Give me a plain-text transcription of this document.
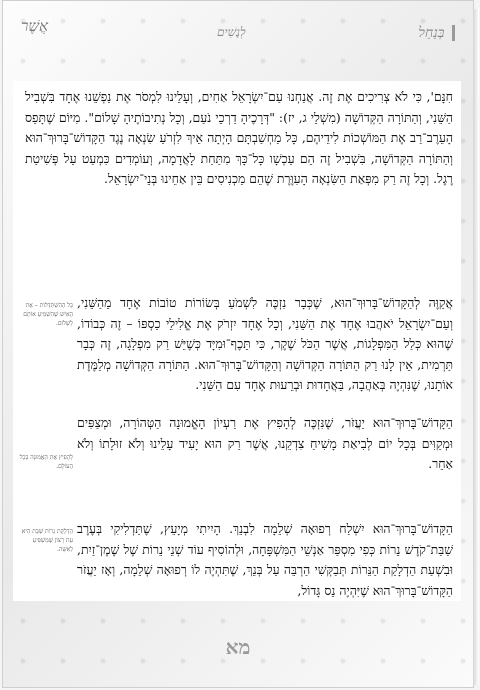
אֲשֶׁר	לְנָשִׁים	בְּנַחַל
חִנָּם', כִּי לֹא צְרִיכִים אֶת זֶה. אֲנַחְנוּ עַם־יִשְׂרָאֵל אַחִים, וְעָלֵינוּ לִמְסֹר אֶת נַפְשֵׁנוּ אֶחָד בִּשְׁבִיל הַשֵּׁנִי, וְהַתּוֹרָה הַקְּדוֹשָׁה (מִשְׁלֵי ג, יז): "דְּרָכֶיהָ דַרְכֵי נֹעַם, וְכָל נְתִיבוֹתֶיהָ שָׁלוֹם". מִיּוֹם שֶׁתָּפַס הָעֵרֶב־רַב אֶת הַמּוֹשְׁכוֹת לִידֵיהֶם, כָּל מַחְשַׁבְתָּם הָיְתָה אֵיךְ לִזְרֹעַ שִׂנְאָה נֶגֶד הַקָּדוֹשׁ־בָּרוּךְ־הוּא וְהַתּוֹרָה הַקְּדוֹשָׁה, בִּשְׁבִיל זֶה הֵם עַכְשָׁו כָּל־כָּךְ מִתַּחַת לָאֲדָמָה, וְעוֹמְדִים כִּמְעַט עַל פְּשִׁיטַת רֶגֶל. וְכָל זֶה רַק מִפְּאַת הַשִּׂנְאָה הָעִוֶּרֶת שֶׁהֵם מַכְנִיסִים בֵּין אַחֵינוּ בְּנֵי־יִשְׂרָאֵל.
כָּל הַהִשְׁתַּדְּלוּת – אֶת הָאִישׁ שֶׁהִשְׁמִיעַ אוֹתָם לְשָׁלוֹם.
אֲקַוֶּה לְהַקָּדוֹשׁ־בָּרוּךְ־הוּא, שֶׁכְּבָר נִזְכֶּה לִשְׁמֹעַ בְּשׂוֹרוֹת טוֹבוֹת אֶחָד מֵהַשֵּׁנִי, וְעַם־יִשְׂרָאֵל יֹאהֲבוּ אֶחָד אֶת הַשֵּׁנִי, וְכָל אֶחָד יִזְרֹק אֶת אֱלִילֵי כַסְפּוֹ – זֶה כְּבוֹדוֹ, שֶׁהוּא כְּלַל הַמִּפְלָגוֹת, אֲשֶׁר הַכֹּל שֶׁקֶר, כִּי תֵּכֶף־וּמִיָּד כְּשֶׁיֵּשׁ רַק מִפְלָגָה, זֶה כְּבָר תַּרְמִית, אֵין לָנוּ רַק הַתּוֹרָה הַקְּדוֹשָׁה וְהַקָּדוֹשׁ־בָּרוּךְ־הוּא. הַתּוֹרָה הַקְּדוֹשָׁה מְלַמֶּדֶת אוֹתָנוּ, שֶׁנִּהְיֶה בְּאַהֲבָה, בַּאֲחָדוּת וּבְרֵעוּת אֶחָד עִם הַשֵּׁנִי.
לְהָפִיץ אֶת הָאֱמוּנָה בְּכָל הָעוֹלָם.
הַקָּדוֹשׁ־בָּרוּךְ־הוּא יַעֲזֹר, שֶׁנִּזְכֶּה לְהָפִיץ אֶת רַעְיוֹן הָאֱמוּנָה הַטְּהוֹרָה, וּמְצַפִּים וּמְקַוִּים בְּכָל יוֹם לְבִיאַת מָשִׁיחַ צִדְקֵנוּ, אֲשֶׁר רַק הוּא יָעִיד עָלֵינוּ וְלֹא זוּלָתוֹ וְלֹא אַחֵר.
הַדְלָקַת נֵרוֹת שַׁבָּת הִיא עֵת רָצוֹן שֶׁמַּשְׁפִּיעַ לַאִשָּׁה.
הַקָּדוֹשׁ־בָּרוּךְ־הוּא יִשְׁלַח רְפוּאָה שְׁלֵמָה לִבְנֵךְ. הָיִיתִי מְיָעֵץ, שֶׁתַּדְלִיקִי בְּעֶרֶב שַׁבַּת־קֹדֶשׁ נֵרוֹת כְּפִי מִסְפַּר אַנְשֵׁי הַמִּשְׁפָּחָה, וּלְהוֹסִיף עוֹד שְׁנֵי נֵרוֹת שֶׁל שֶׁמֶן־זַיִת, וּבִשְׁעַת הַדְלָקַת הַנֵּרוֹת תְּבַקְּשִׁי הַרְבֵּה עַל בְּנֵךְ, שֶׁתִּהְיֶה לוֹ רְפוּאָה שְׁלֵמָה, וְאָז יַעֲזֹר הַקָּדוֹשׁ־בָּרוּךְ־הוּא שֶׁיִּהְיֶה נֵס גָּדוֹל,
מא
